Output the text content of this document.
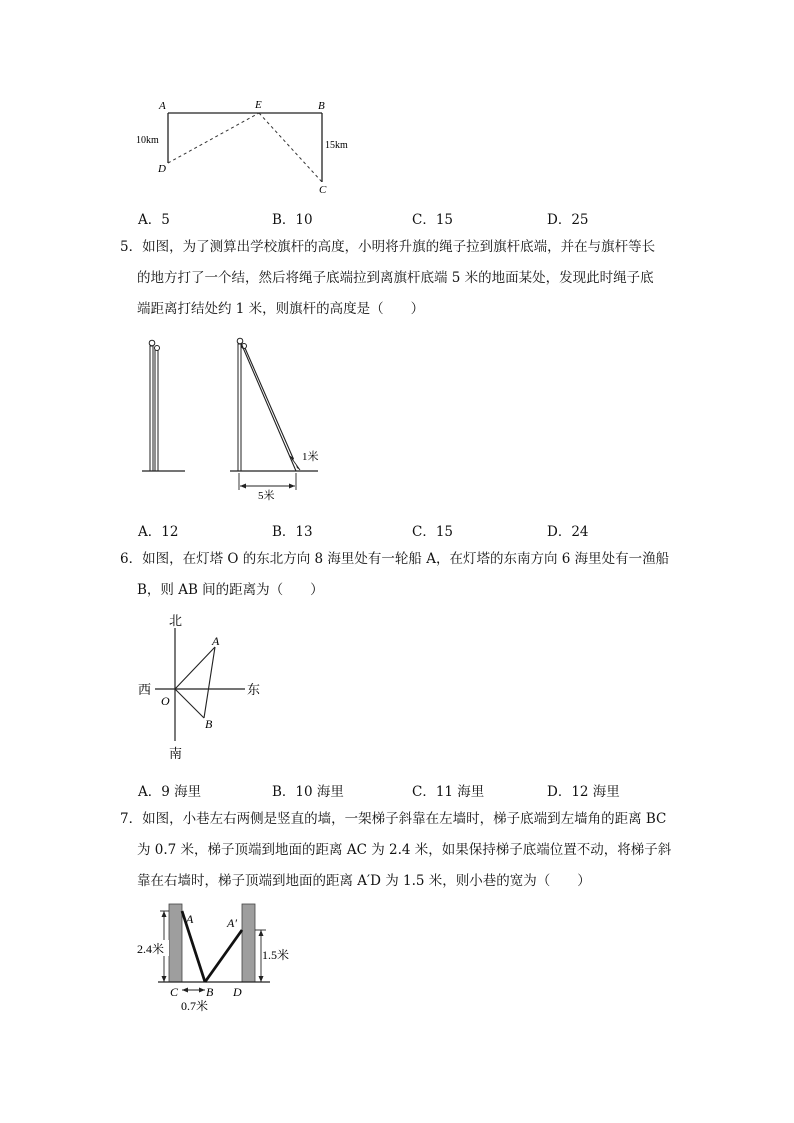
A	E	B
D
C
10km	15km
A．5	B．10	C．15	D．25
5．如图，为了测算出学校旗杆的高度，小明将升旗的绳子拉到旗杆底端，并在与旗杆等长
的地方打了一个结，然后将绳子底端拉到离旗杆底端 5 米的地面某处，发现此时绳子底
端距离打结处约 1 米，则旗杆的高度是（　　）
1米
5米
A．12	B．13	C．15	D．24
6．如图，在灯塔 O 的东北方向 8 海里处有一轮船 A，在灯塔的东南方向 6 海里处有一渔船
B，则 AB 间的距离为（　　）
北
南
西	东
O
A
B
A．9 海里	B．10 海里	C．11 海里	D．12 海里
7．如图，小巷左右两侧是竖直的墙，一架梯子斜靠在左墙时，梯子底端到左墙角的距离 BC
为 0.7 米，梯子顶端到地面的距离 AC 为 2.4 米，如果保持梯子底端位置不动，将梯子斜
靠在右墙时，梯子顶端到地面的距离 A′D 为 1.5 米，则小巷的宽为（　　）
2.4米	1.5米
0.7米
A	A′
C B D
